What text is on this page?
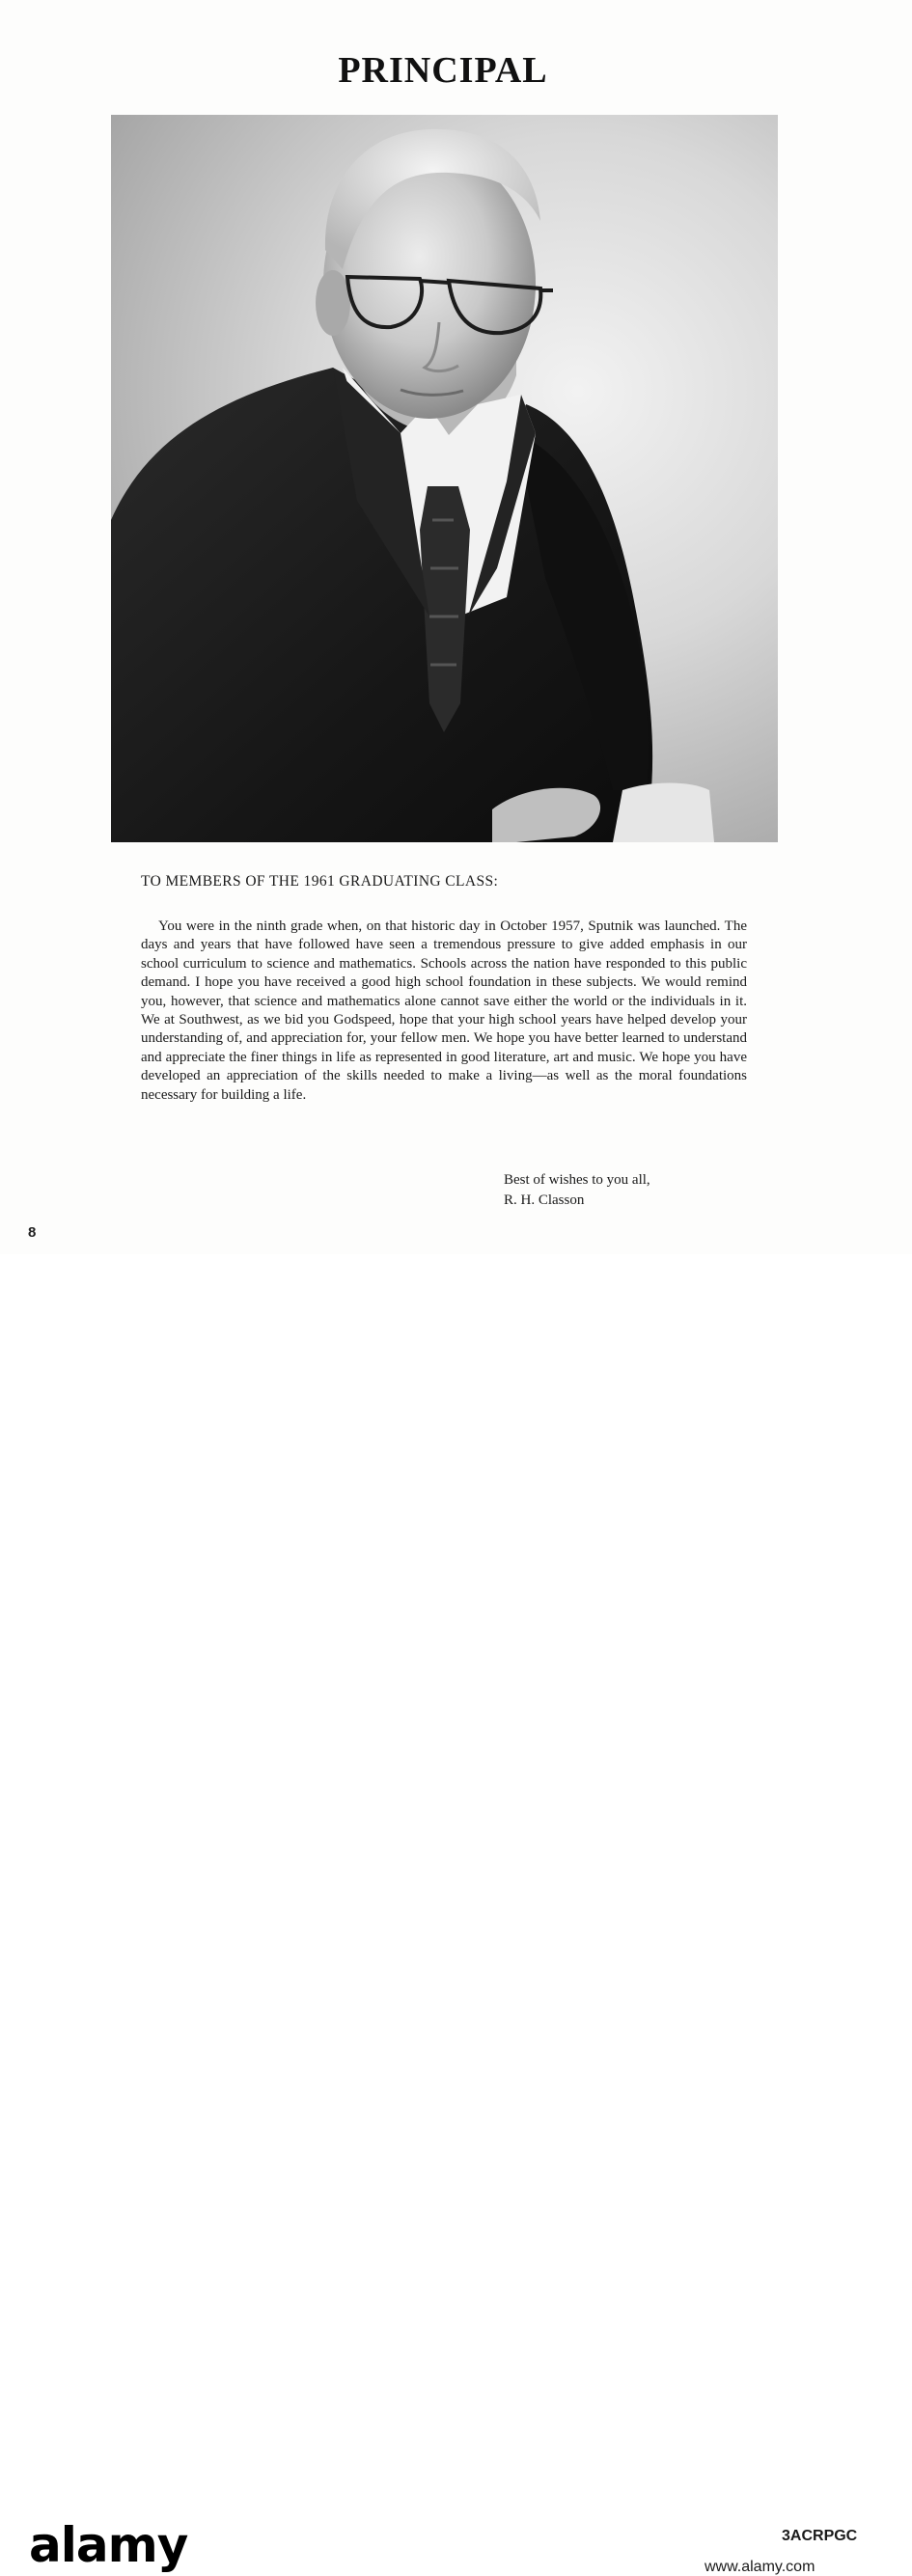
PRINCIPAL

TO MEMBERS OF THE 1961 GRADUATING CLASS:

You were in the ninth grade when, on that historic day in October 1957, Sputnik was launched. The days and years that have followed have seen a tremendous pressure to give added emphasis in our school curriculum to science and mathematics. Schools across the nation have responded to this public demand. I hope you have received a good high school foundation in these subjects. We would remind you, however, that science and mathematics alone cannot save either the world or the individuals in it. We at Southwest, as we bid you Godspeed, hope that your high school years have helped develop your understanding of, and appreciation for, your fellow men. We hope you have better learned to understand and appreciate the finer things in life as represented in good literature, art and music. We hope you have developed an appreciation of the skills needed to make a living—as well as the moral foundations necessary for building a life.

Best of wishes to you all,
R. H. Classon
8
alamy	3ACRPGC
www.alamy.com
